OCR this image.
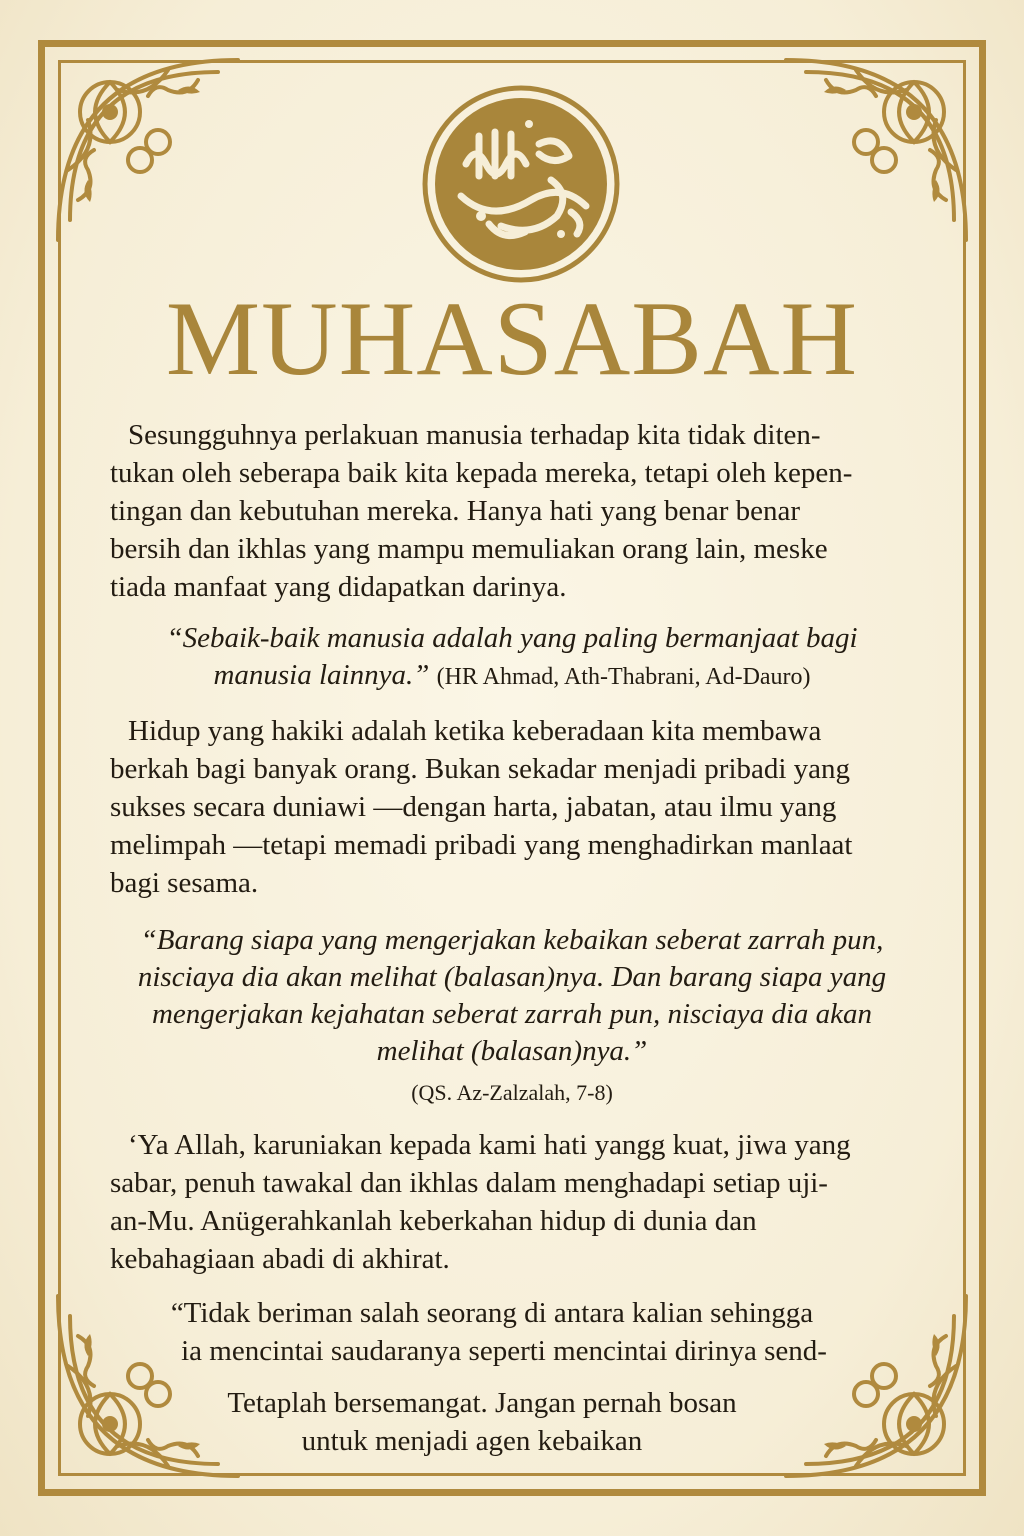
MUHASABAH
Sesungguhnya perlakuan manusia terhadap kita tidak diten-
tukan oleh seberapa baik kita kepada mereka, tetapi oleh kepen-
tingan dan kebutuhan mereka. Hanya hati yang benar benar
bersih dan ikhlas yang mampu memuliakan orang lain, meske
tiada manfaat yang didapatkan darinya.
“Sebaik-baik manusia adalah yang paling bermanjaat bagi
manusia lainnya.” (HR Ahmad, Ath-Thabrani, Ad-Dauro)
Hidup yang hakiki adalah ketika keberadaan kita membawa
berkah bagi banyak orang. Bukan sekadar menjadi pribadi yang
sukses secara duniawi —dengan harta, jabatan, atau ilmu yang
melimpah —tetapi memadi pribadi yang menghadirkan manlaat
bagi sesama.
“Barang siapa yang mengerjakan kebaikan seberat zarrah pun,
nisciaya dia akan melihat (balasan)nya. Dan barang siapa yang
mengerjakan kejahatan seberat zarrah pun, nisciaya dia akan
melihat (balasan)nya.”
(QS. Az-Zalzalah, 7-8)
‘Ya Allah, karuniakan kepada kami hati yangg kuat, jiwa yang
sabar, penuh tawakal dan ikhlas dalam menghadapi setiap uji-
an-Mu. Anügerahkanlah keberkahan hidup di dunia dan
kebahagiaan abadi di akhirat.
“Tidak beriman salah seorang di antara kalian sehingga
ia mencintai saudaranya seperti mencintai dirinya send-
Tetaplah bersemangat. Jangan pernah bosan
untuk menjadi agen kebaikan
